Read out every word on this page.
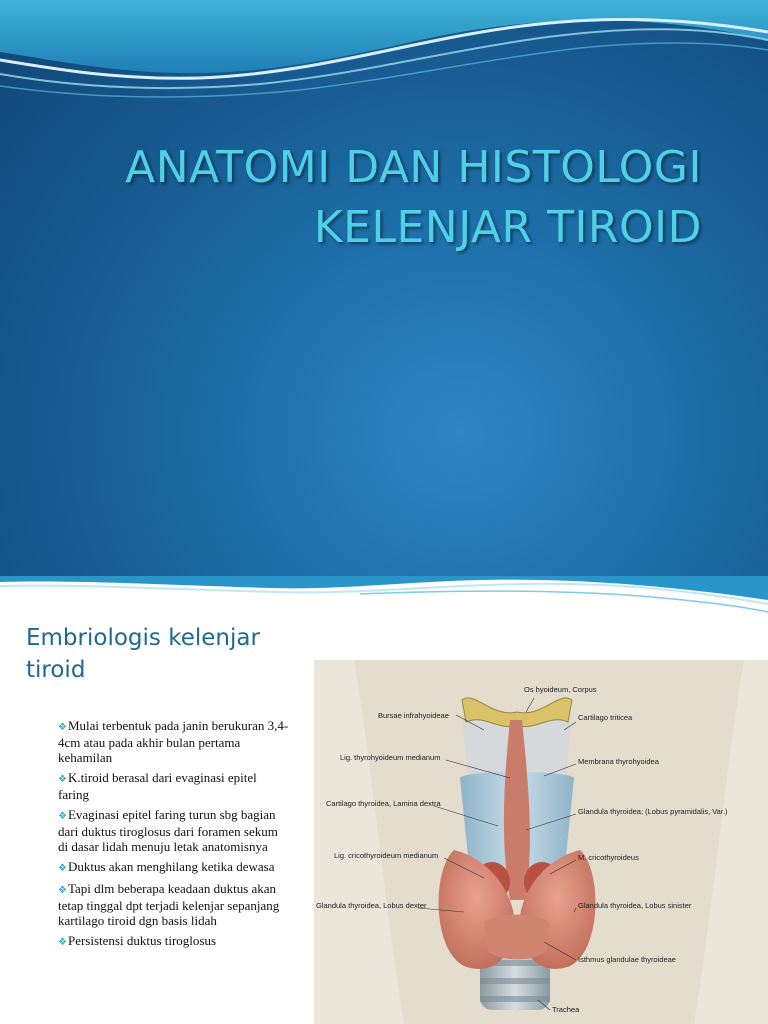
ANATOMI DAN HISTOLOGI
KELENJAR TIROID
Embriologis kelenjar
tiroid
❖Mulai terbentuk pada janin berukuran 3,4-4cm atau pada akhir bulan pertama kehamilan
❖K.tiroid berasal dari evaginasi epitel faring
❖Evaginasi epitel faring turun sbg bagian dari duktus tiroglosus dari foramen sekum di dasar lidah menuju letak anatomisnya
❖Duktus akan menghilang ketika dewasa
❖Tapi dlm beberapa keadaan duktus akan tetap tinggal dpt terjadi kelenjar sepanjang kartilago tiroid dgn basis lidah
❖Persistensi duktus tiroglosus
Os hyoideum, Corpus
Bursae infrahyoideae	Cartilago triticea
Lig. thyrohyoideum medianum	Membrana thyrohyoidea
Cartilago thyroidea, Lamina dextra
Glandula thyroidea; (Lobus pyramidalis, Var.)
Lig. cricothyroideum medianum	M. cricothyroideus
Glandula thyroidea, Lobus dexter	Glandula thyroidea, Lobus sinister
Isthmus glandulae thyroideae
Trachea
